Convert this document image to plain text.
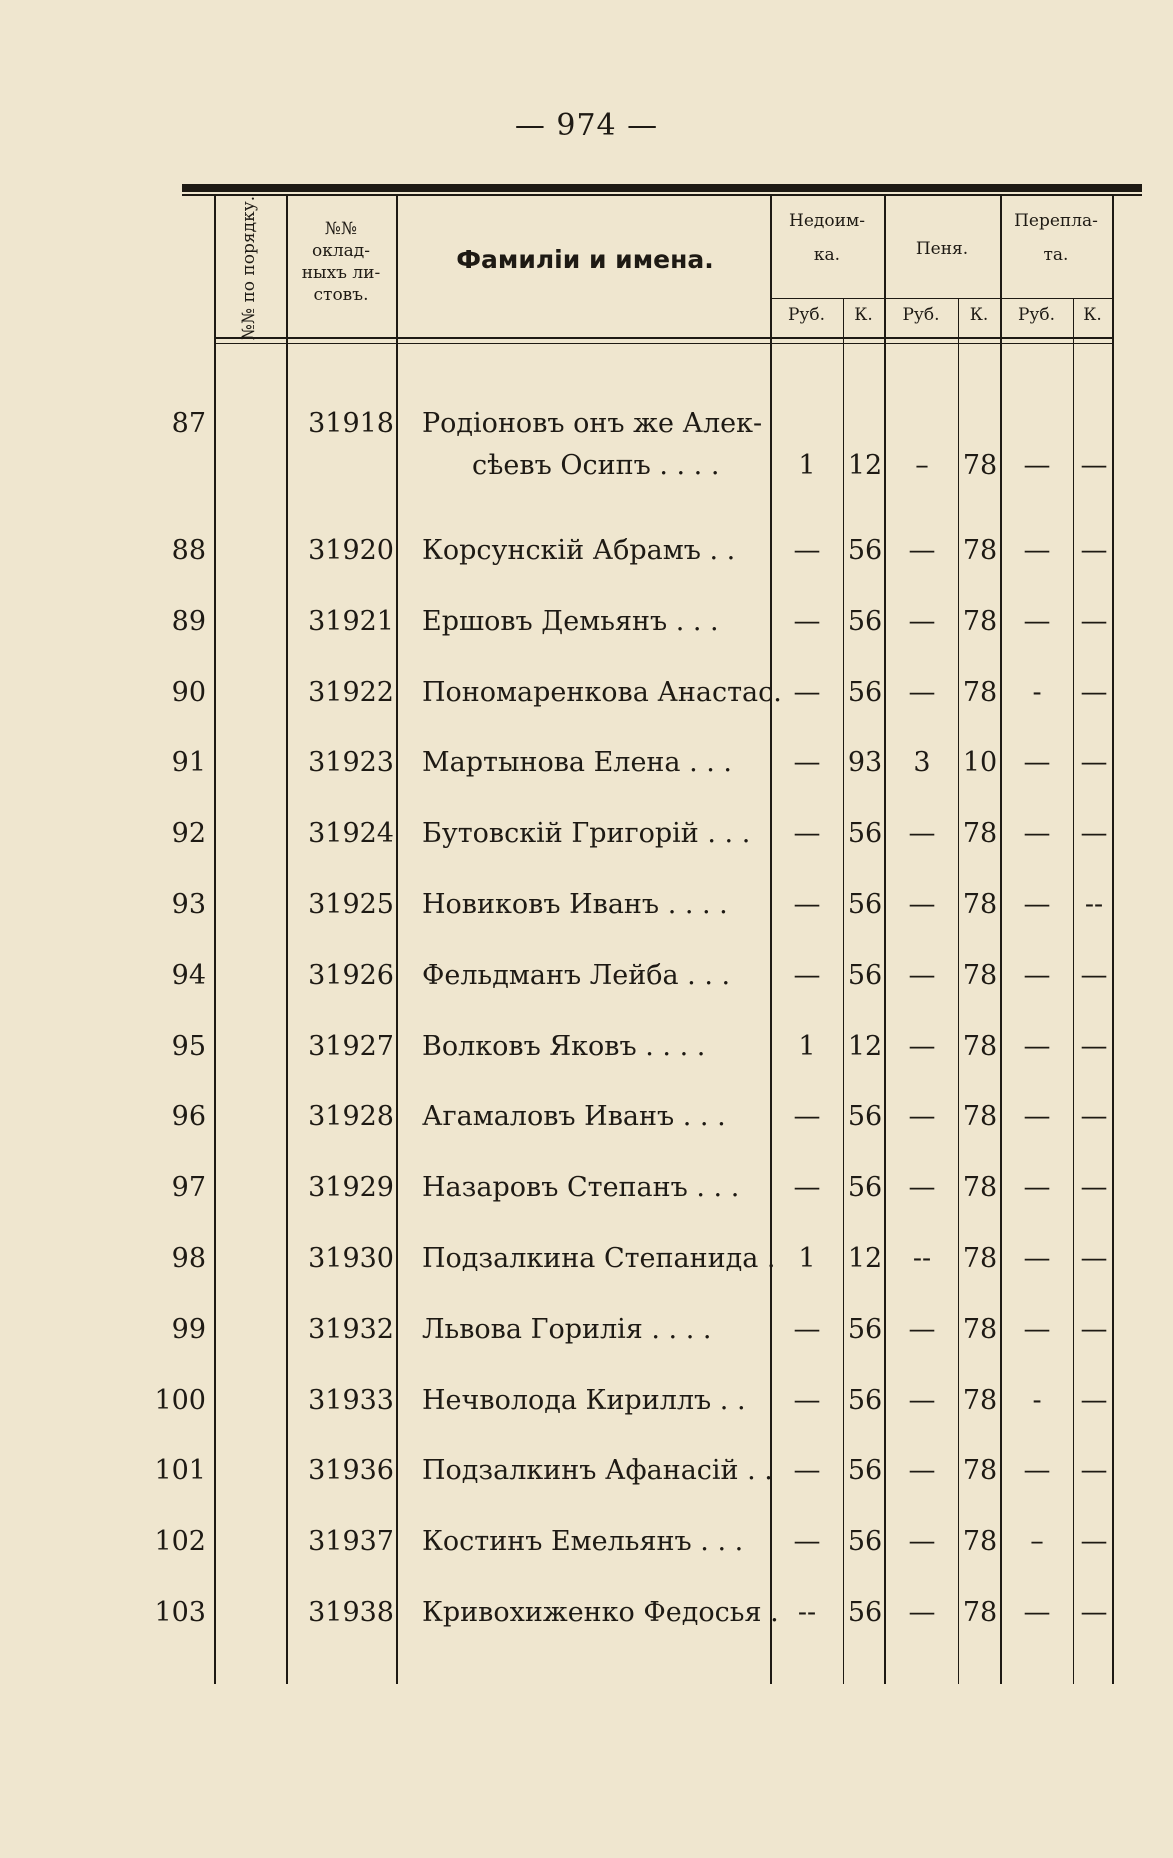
— 974 —
№№ по порядку.	№№
оклад-
ныхъ ли-
стовъ.
Фамиліи и имена.
Недоим-
ка.	Пеня.
Перепла-
та.
Руб.	К.	Руб.	К.	Руб.	К.
87	31918 Родіоновъ онъ же Алек-
1	12	–	78 —	—
сѣевъ Осипъ . . . .
88	31920 Корсунскій Абрамъ . .	—	56 —	78 —	—
89	31921 Ершовъ Демьянъ . . .	—	56 —	78 —	—
90	31922 Пономаренкова Анастас. —	56 —	78	-	—
91	31923 Мартынова Елена . . .	—	93	3	10 —	—
92	31924 Бутовскій Григорій . . .	—	56 —	78 —	—
93	31925 Новиковъ Иванъ . . . .	—	56 —	78 —	--
94	31926 Фельдманъ Лейба . . .	—	56 —	78 —	—
95	31927 Волковъ Яковъ . . . .	1	12 —	78 —	—
96	31928 Агамаловъ Иванъ . . .	—	56 —	78 —	—
97	31929 Назаровъ Степанъ . . .	—	56 —	78 —	—
98	31930 Подзалкина Степанида . 1	12	--	78 —	—
99	31932 Львова Горилія . . . .	—	56 —	78 —	—
100	31933 Нечволода Кириллъ . .	—	56 —	78	-	—
101	31936 Подзалкинъ Афанасій . . —	56 —	78 —	—
102	31937 Костинъ Емельянъ . . .	—	56 —	78	–	—
103	31938 Кривохиженко Федосья . --	56 —	78 —	—
